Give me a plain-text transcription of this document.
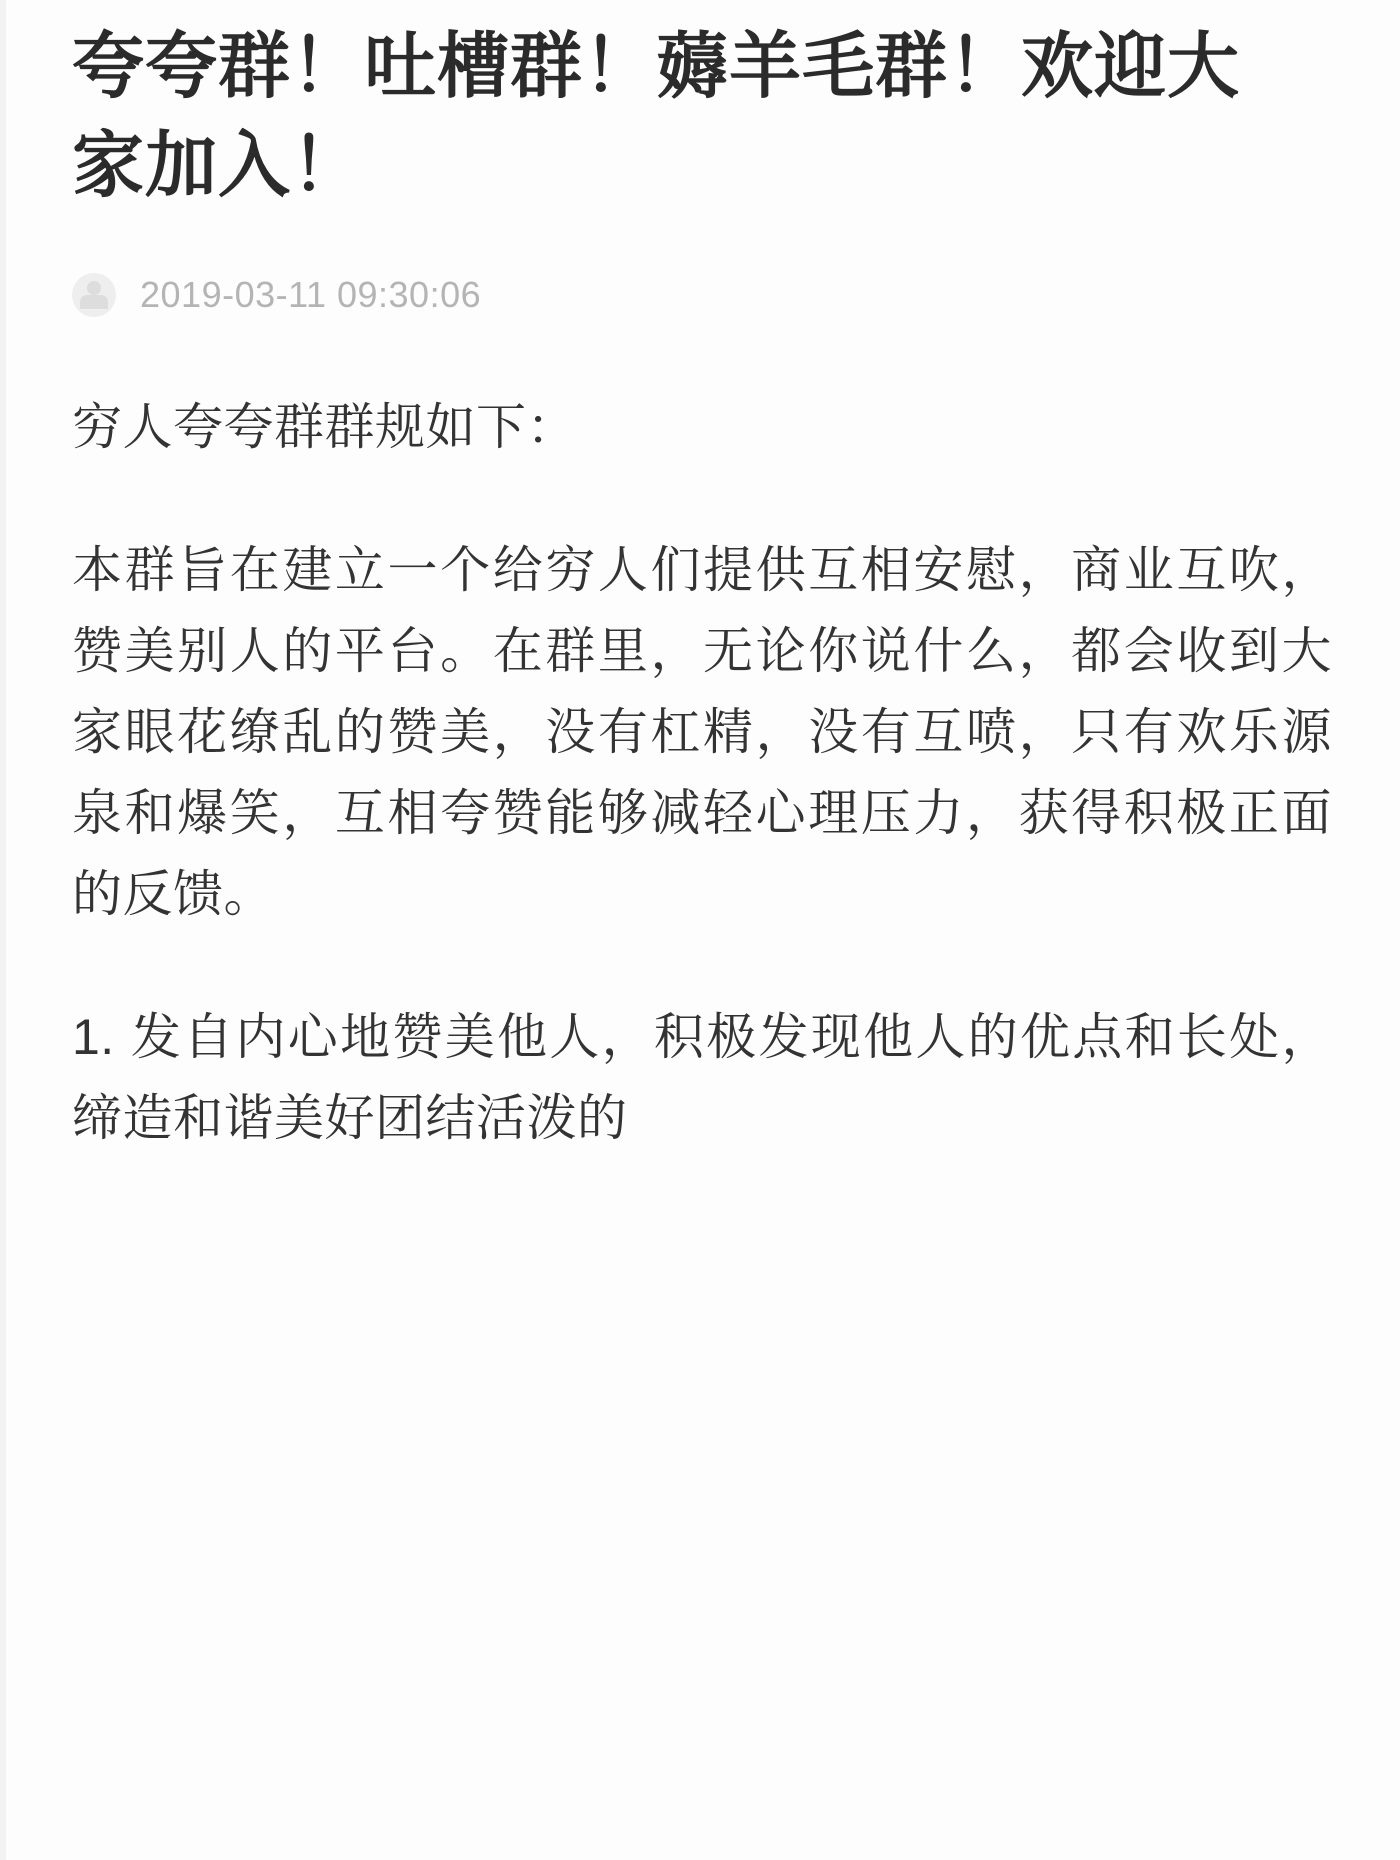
夸夸群！吐槽群！薅羊毛群！欢迎大家加入！
2019-03-11 09:30:06

穷人夸夸群群规如下：

本群旨在建立一个给穷人们提供互相安慰，商业互吹，赞美别人的平台。在群里，无论你说什么，都会收到大家眼花缭乱的赞美，没有杠精，没有互喷，只有欢乐源泉和爆笑，互相夸赞能够减轻心理压力，获得积极正面的反馈。

1. 发自内心地赞美他人，积极发现他人的优点和长处，缔造和谐美好团结活泼的
